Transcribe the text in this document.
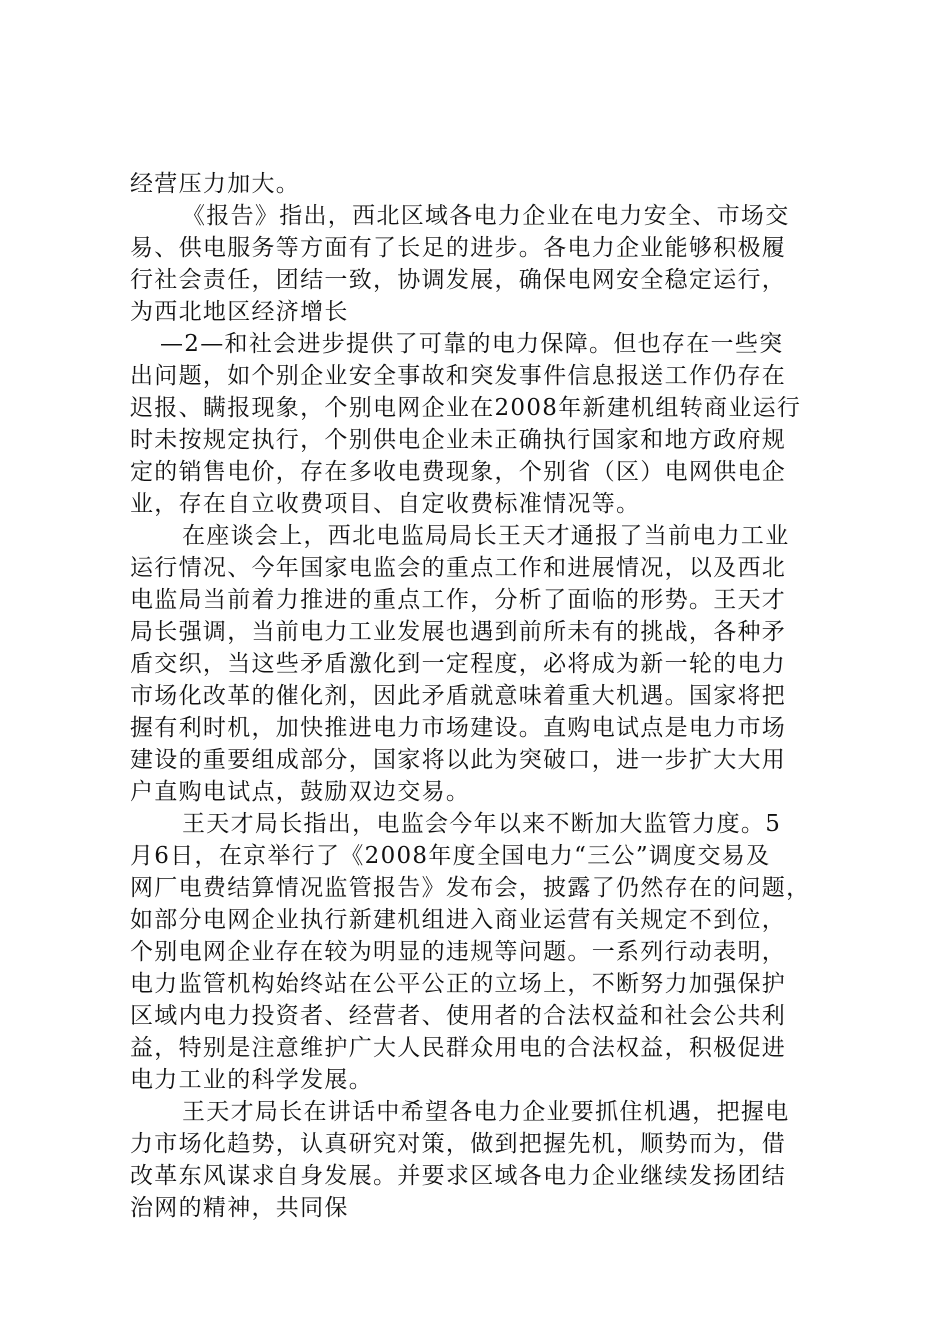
经营压力加大。
《报告》指出，西北区域各电力企业在电力安全、市场交
易、供电服务等方面有了长足的进步。各电力企业能够积极履
行社会责任，团结一致，协调发展，确保电网安全稳定运行，
为西北地区经济增长
—2—和社会进步提供了可靠的电力保障。但也存在一些突
出问题，如个别企业安全事故和突发事件信息报送工作仍存在
迟报、瞒报现象，个别电网企业在2008年新建机组转商业运行
时未按规定执行，个别供电企业未正确执行国家和地方政府规
定的销售电价，存在多收电费现象，个别省（区）电网供电企
业，存在自立收费项目、自定收费标准情况等。
在座谈会上，西北电监局局长王天才通报了当前电力工业
运行情况、今年国家电监会的重点工作和进展情况，以及西北
电监局当前着力推进的重点工作，分析了面临的形势。王天才
局长强调，当前电力工业发展也遇到前所未有的挑战，各种矛
盾交织，当这些矛盾激化到一定程度，必将成为新一轮的电力
市场化改革的催化剂，因此矛盾就意味着重大机遇。国家将把
握有利时机，加快推进电力市场建设。直购电试点是电力市场
建设的重要组成部分，国家将以此为突破口，进一步扩大大用
户直购电试点，鼓励双边交易。
王天才局长指出，电监会今年以来不断加大监管力度。5
月6日，在京举行了《2008年度全国电力“三公”调度交易及
网厂电费结算情况监管报告》发布会，披露了仍然存在的问题，
如部分电网企业执行新建机组进入商业运营有关规定不到位，
个别电网企业存在较为明显的违规等问题。一系列行动表明，
电力监管机构始终站在公平公正的立场上，不断努力加强保护
区域内电力投资者、经营者、使用者的合法权益和社会公共利
益，特别是注意维护广大人民群众用电的合法权益，积极促进
电力工业的科学发展。
王天才局长在讲话中希望各电力企业要抓住机遇，把握电
力市场化趋势，认真研究对策，做到把握先机，顺势而为，借
改革东风谋求自身发展。并要求区域各电力企业继续发扬团结
治网的精神，共同保
